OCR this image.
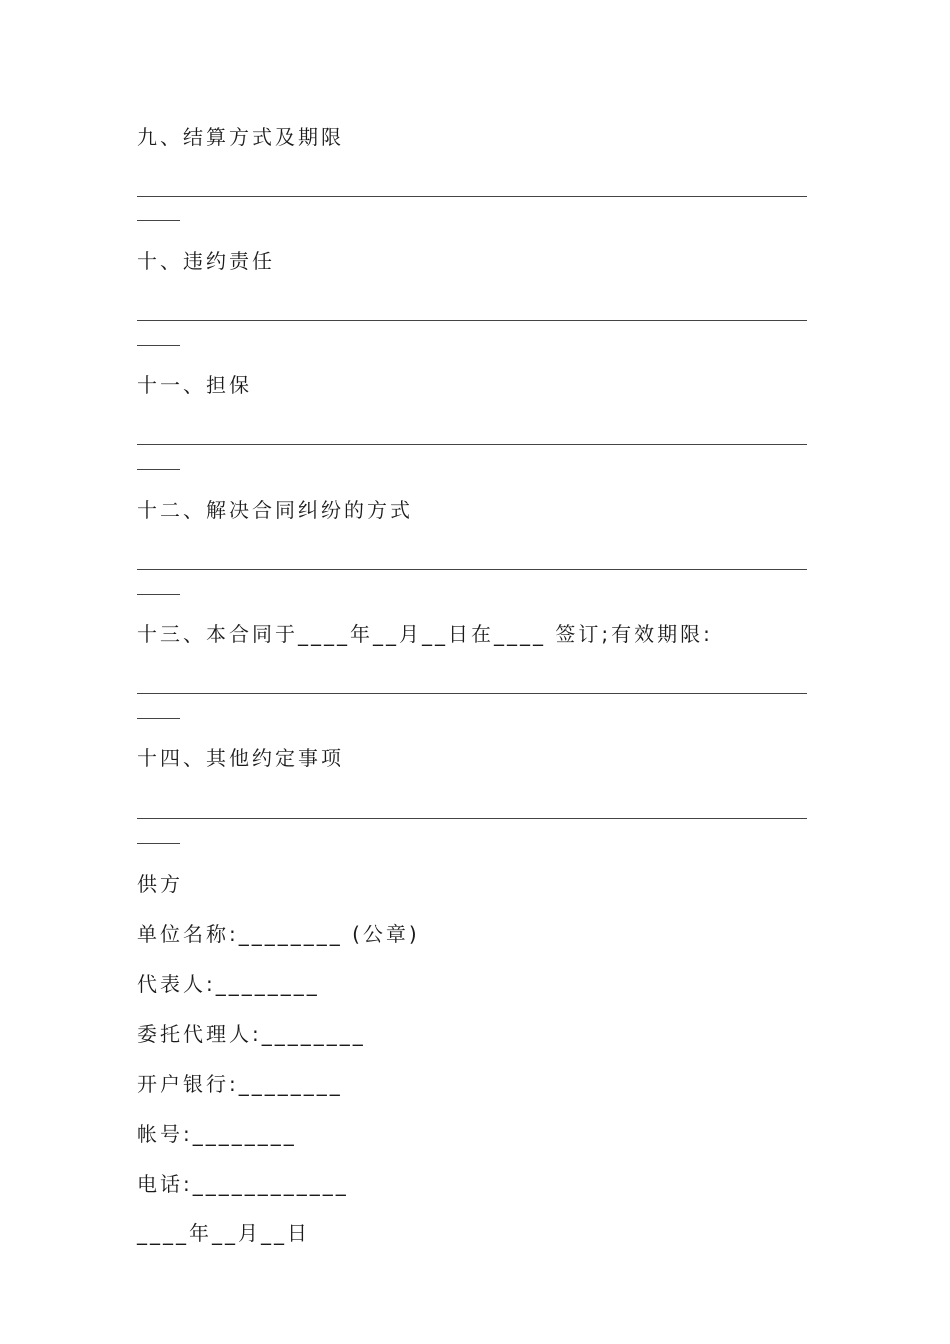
九、结算方式及期限
十、违约责任
十一、担保
十二、解决合同纠纷的方式
十三、本合同于____年__月__日在____ 签订;有效期限:
十四、其他约定事项
供方
单位名称:________ (公章)
代表人:________
委托代理人:________
开户银行:________
帐号:________
电话:____________
____年__月__日
